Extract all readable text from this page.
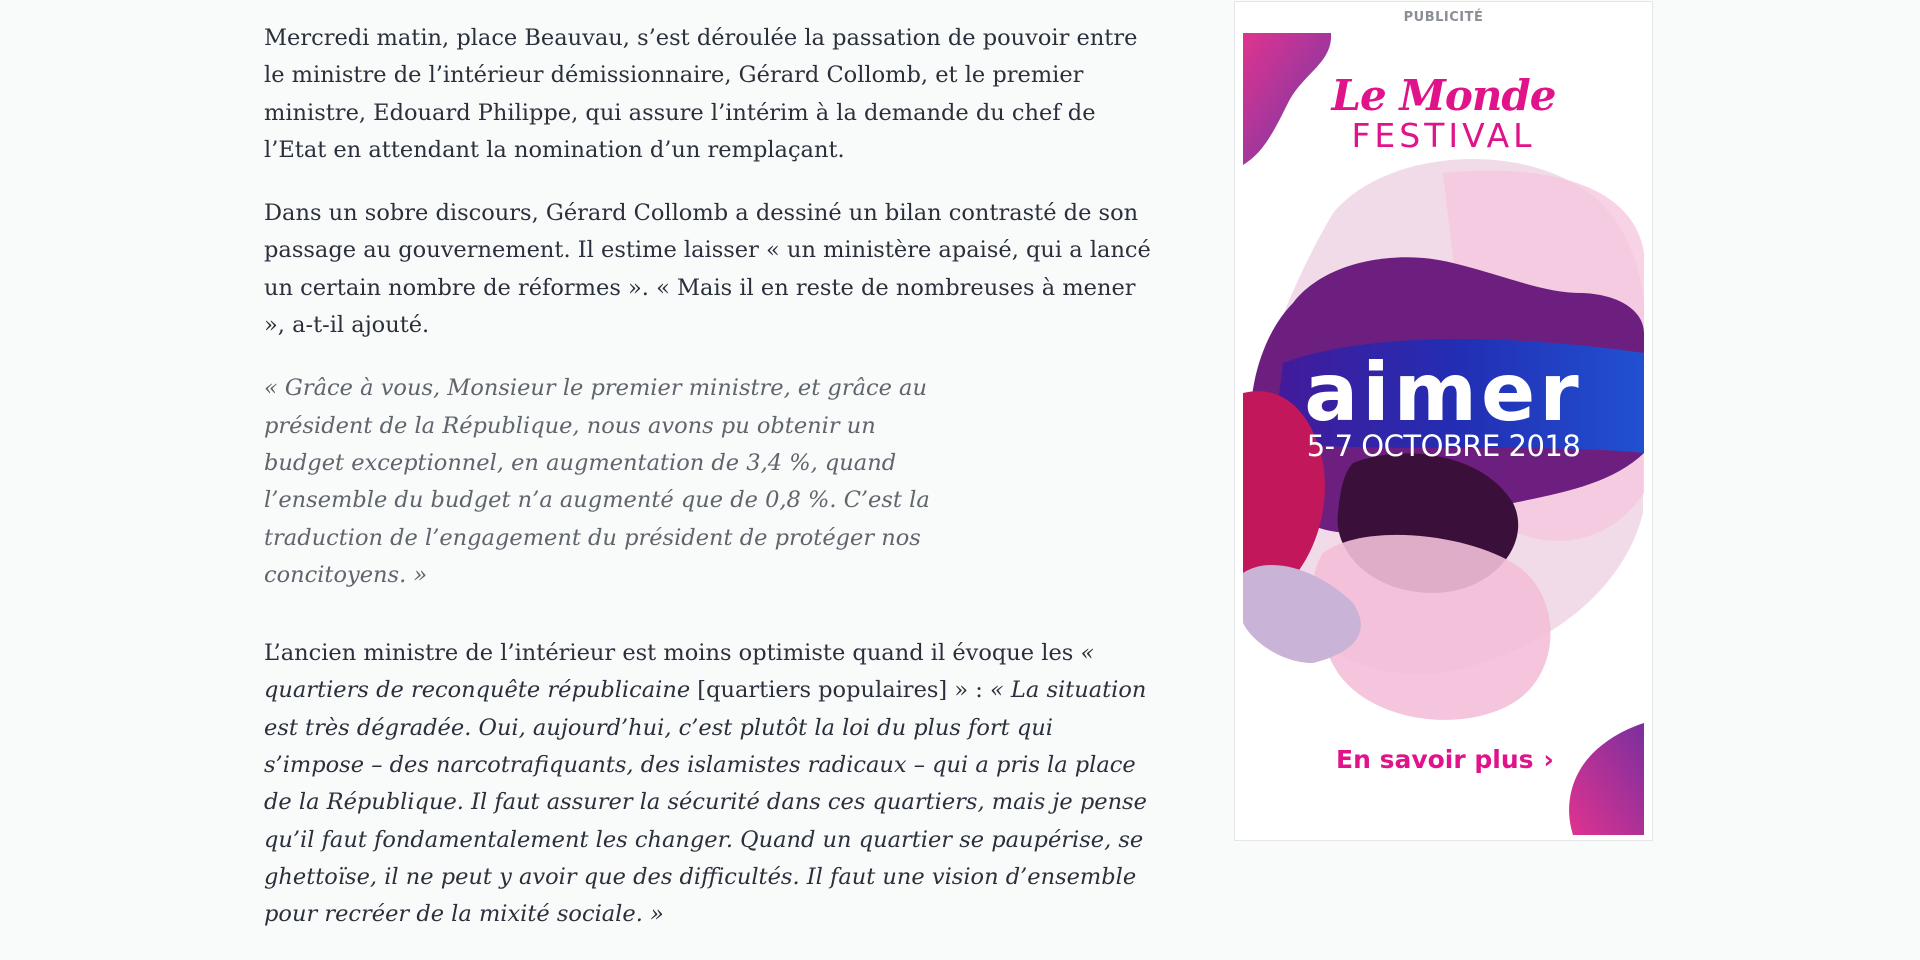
Mercredi matin, place Beauvau, s’est déroulée la passation de pouvoir entre le ministre de l’intérieur démissionnaire, Gérard Collomb, et le premier ministre, Edouard Philippe, qui assure l’intérim à la demande du chef de l’Etat en attendant la nomination d’un remplaçant.

Dans un sobre discours, Gérard Collomb a dessiné un bilan contrasté de son passage au gouvernement. Il estime laisser « un ministère apaisé, qui a lancé un certain nombre de réformes ». « Mais il en reste de nombreuses à mener », a-t-il ajouté.

« Grâce à vous, Monsieur le premier ministre, et grâce au président de la République, nous avons pu obtenir un budget exceptionnel, en augmentation de 3,4 %, quand l’ensemble du budget n’a augmenté que de 0,8 %. C’est la traduction de l’engagement du président de protéger nos concitoyens. »

L’ancien ministre de l’intérieur est moins optimiste quand il évoque les « quartiers de reconquête républicaine [quartiers populaires] » : « La situation est très dégradée. Oui, aujourd’hui, c’est plutôt la loi du plus fort qui s’impose – des narcotrafiquants, des islamistes radicaux – qui a pris la place de la République. Il faut assurer la sécurité dans ces quartiers, mais je pense qu’il faut fondamentalement les changer. Quand un quartier se paupérise, se ghettoïse, il ne peut y avoir que des difficultés. Il faut une vision d’ensemble pour recréer de la mixité sociale. »

PUBLICITÉ
Le Monde
FESTIVAL
aimer
5-7 OCTOBRE 2018
En savoir plus ›
